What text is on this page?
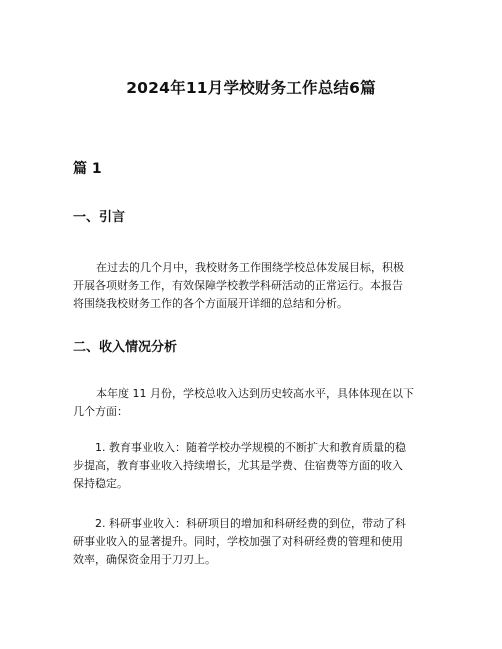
2024年11月学校财务工作总结6篇
篇 1
一、引言
在过去的几个月中，我校财务工作围绕学校总体发展目标，积极
开展各项财务工作，有效保障学校教学科研活动的正常运行。本报告
将围绕我校财务工作的各个方面展开详细的总结和分析。
二、收入情况分析
本年度 11 月份，学校总收入达到历史较高水平，具体体现在以下
几个方面：
1. 教育事业收入：随着学校办学规模的不断扩大和教育质量的稳
步提高，教育事业收入持续增长，尤其是学费、住宿费等方面的收入
保持稳定。
2. 科研事业收入：科研项目的增加和科研经费的到位，带动了科
研事业收入的显著提升。同时，学校加强了对科研经费的管理和使用
效率，确保资金用于刀刃上。
